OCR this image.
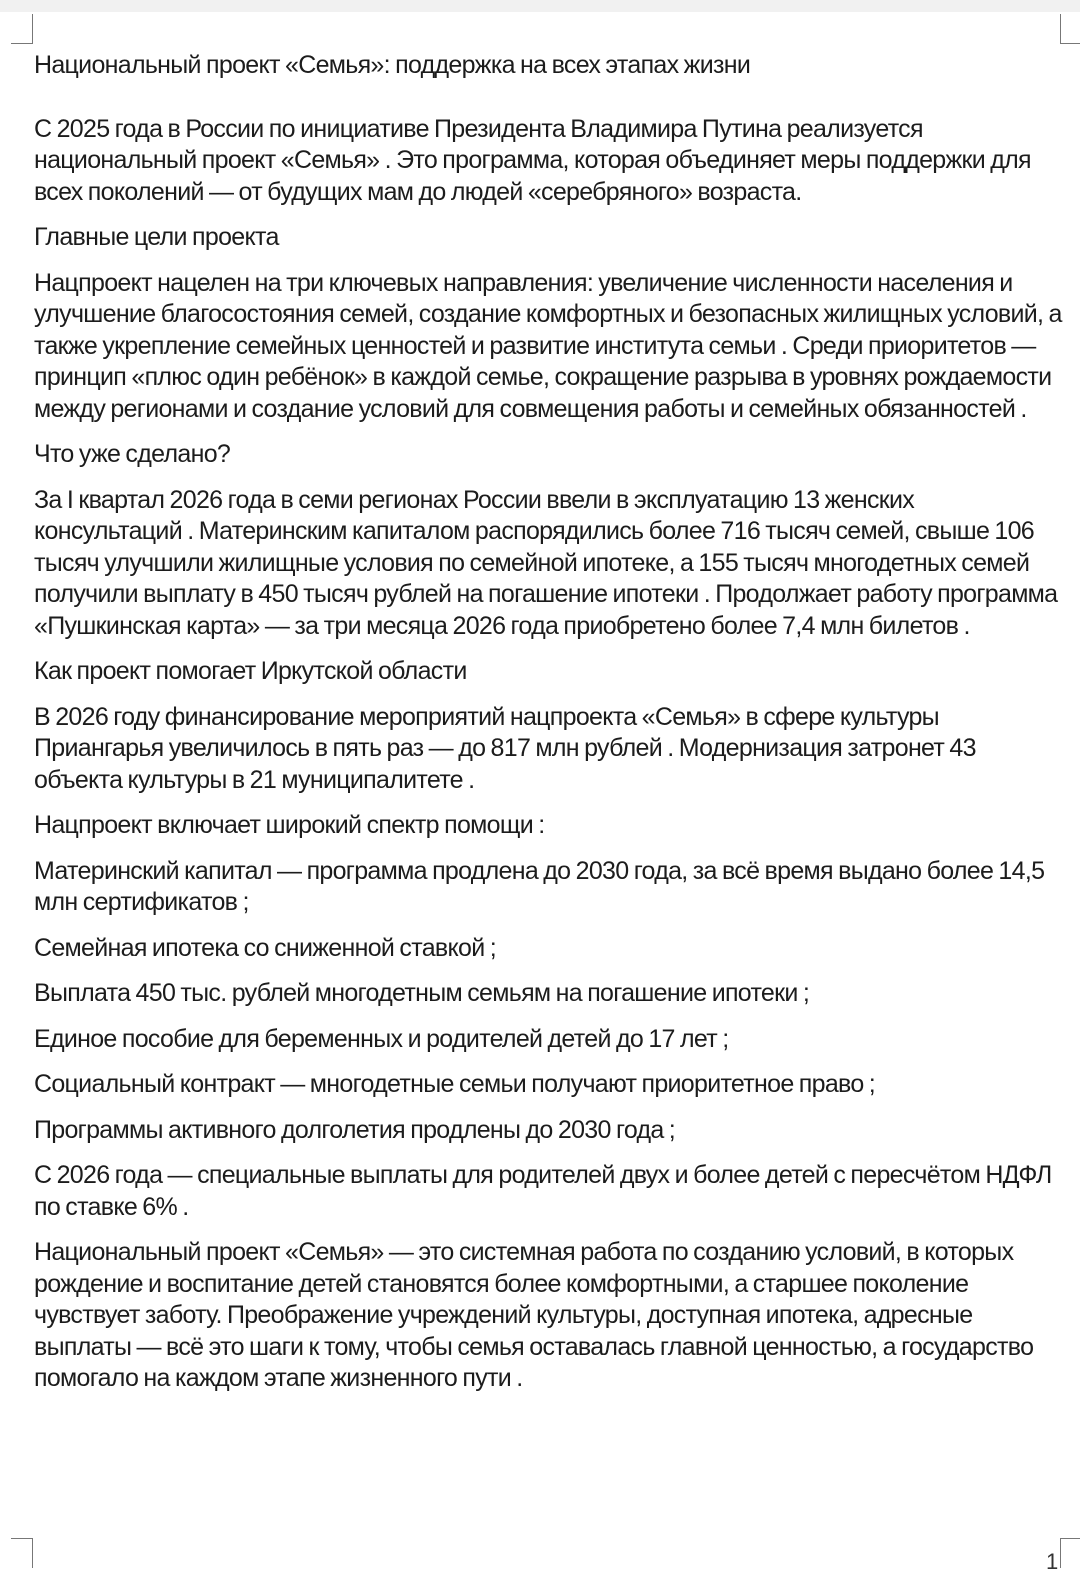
Национальный проект «Семья»: поддержка на всех этапах жизни

С 2025 года в России по инициативе Президента Владимира Путина реализуется национальный проект «Семья» . Это программа, которая объединяет меры поддержки для всех поколений — от будущих мам до людей «серебряного» возраста.

Главные цели проекта

Нацпроект нацелен на три ключевых направления: увеличение численности населения и улучшение благосостояния семей, создание комфортных и безопасных жилищных условий, а также укрепление семейных ценностей и развитие института семьи . Среди приоритетов — принцип «плюс один ребёнок» в каждой семье, сокращение разрыва в уровнях рождаемости между регионами и создание условий для совмещения работы и семейных обязанностей .

Что уже сделано?

За I квартал 2026 года в семи регионах России ввели в эксплуатацию 13 женских консультаций . Материнским капиталом распорядились более 716 тысяч семей, свыше 106 тысяч улучшили жилищные условия по семейной ипотеке, а 155 тысяч многодетных семей получили выплату в 450 тысяч рублей на погашение ипотеки . Продолжает работу программа «Пушкинская карта» — за три месяца 2026 года приобретено более 7,4 млн билетов .

Как проект помогает Иркутской области

В 2026 году финансирование мероприятий нацпроекта «Семья» в сфере культуры Приангарья увеличилось в пять раз — до 817 млн рублей . Модернизация затронет 43 объекта культуры в 21 муниципалитете .

Нацпроект включает широкий спектр помощи :

Материнский капитал — программа продлена до 2030 года, за всё время выдано более 14,5 млн сертификатов ;

Семейная ипотека со сниженной ставкой ;

Выплата 450 тыс. рублей многодетным семьям на погашение ипотеки ;

Единое пособие для беременных и родителей детей до 17 лет ;

Социальный контракт — многодетные семьи получают приоритетное право ;

Программы активного долголетия продлены до 2030 года ;

С 2026 года — специальные выплаты для родителей двух и более детей с пересчётом НДФЛ по ставке 6% .

Национальный проект «Семья» — это системная работа по созданию условий, в которых рождение и воспитание детей становятся более комфортными, а старшее поколение чувствует заботу. Преображение учреждений культуры, доступная ипотека, адресные выплаты — всё это шаги к тому, чтобы семья оставалась главной ценностью, а государство помогало на каждом этапе жизненного пути .

1
